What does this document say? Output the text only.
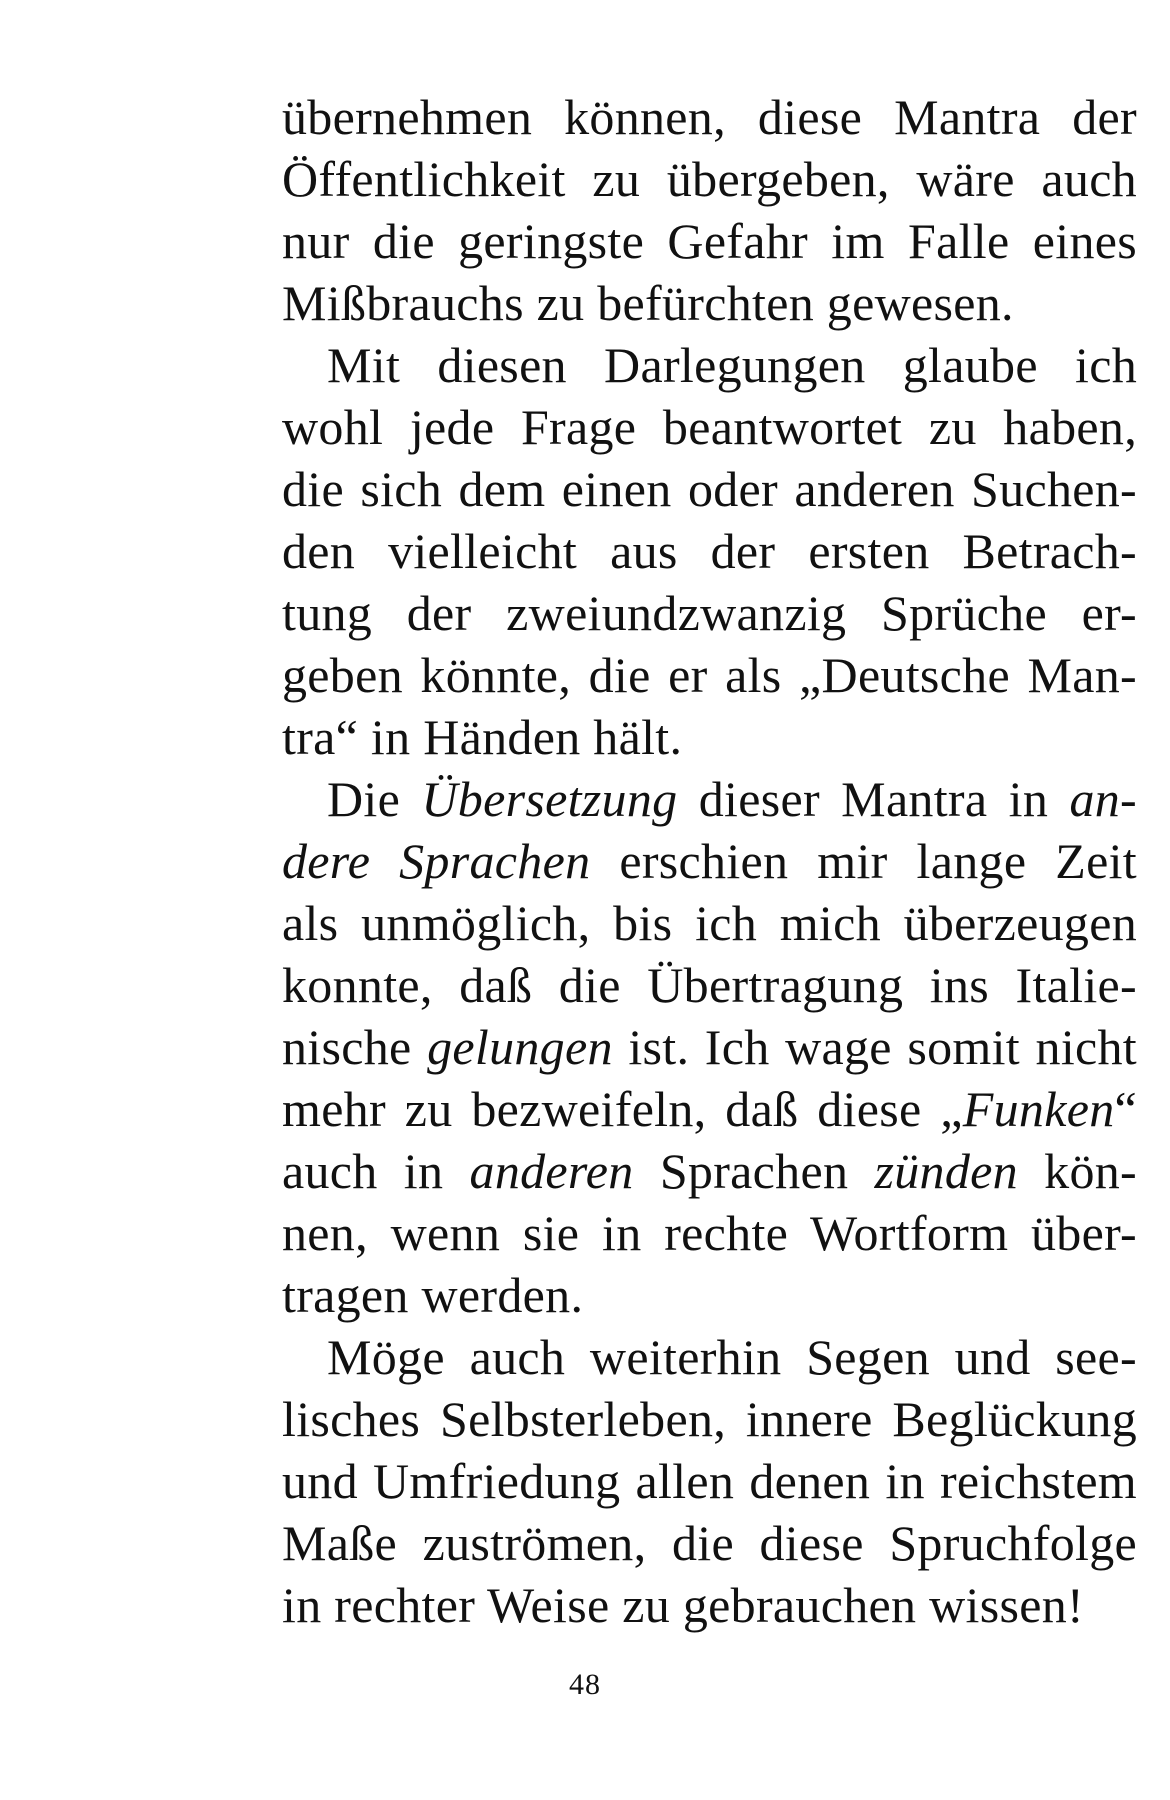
übernehmen können, diese Mantra der
Öffentlichkeit zu übergeben, wäre auch
nur die geringste Gefahr im Falle eines
Mißbrauchs zu befürchten gewesen.
Mit diesen Darlegungen glaube ich
wohl jede Frage beantwortet zu haben,
die sich dem einen oder anderen Suchen-
den vielleicht aus der ersten Betrach-
tung der zweiundzwanzig Sprüche er-
geben könnte, die er als „Deutsche Man-
tra“ in Händen hält.
Die Übersetzung dieser Mantra in an-
dere Sprachen erschien mir lange Zeit
als unmöglich, bis ich mich überzeugen
konnte, daß die Übertragung ins Italie-
nische gelungen ist. Ich wage somit nicht
mehr zu bezweifeln, daß diese „Funken“
auch in anderen Sprachen zünden kön-
nen, wenn sie in rechte Wortform über-
tragen werden.
Möge auch weiterhin Segen und see-
lisches Selbsterleben, innere Beglückung
und Umfriedung allen denen in reichstem
Maße zuströmen, die diese Spruchfolge
in rechter Weise zu gebrauchen wissen!
48
